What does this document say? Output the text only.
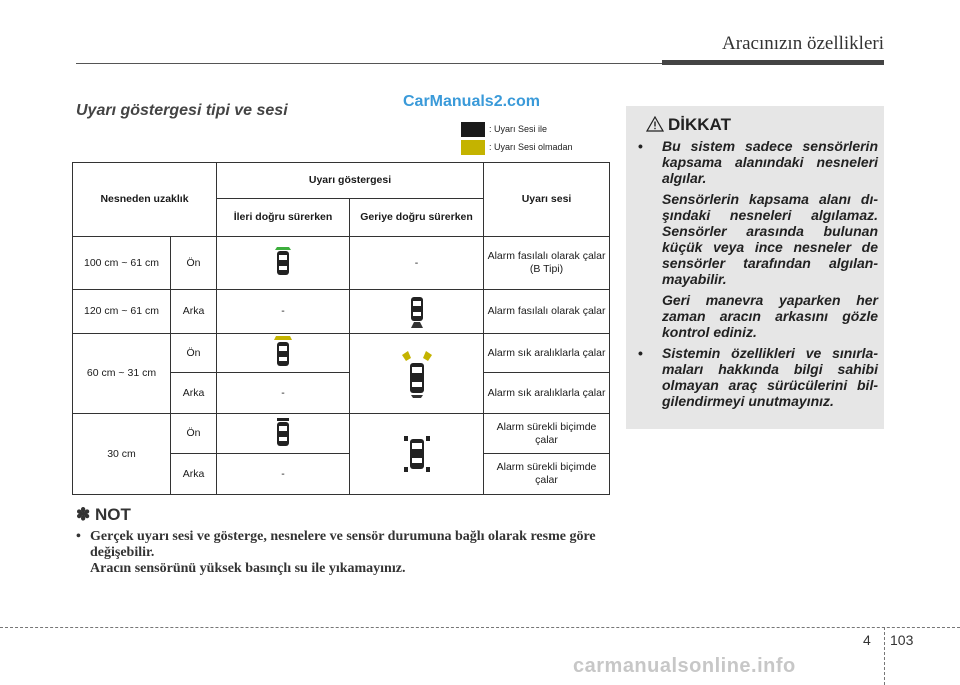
Aracınızın özellikleri
Uyarı göstergesi tipi ve sesi
CarManuals2.com
: Uyarı Sesi ile
: Uyarı Sesi olmadan
Nesneden uzaklık		Uyarı göstergesi		Uyarı sesi
		İleri doğru sürerken	Geriye doğru sürerken	
100 cm ~ 61 cm	Ön		-	Alarm fasılalı olarak çalar (B Tipi)
120 cm ~ 61 cm	Arka	-		Alarm fasılalı olarak çalar
60 cm ~ 31 cm	Ön			Alarm sık aralıklarla çalar
	Arka	-		Alarm sık aralıklarla çalar
30 cm	Ön			Alarm sürekli biçimde çalar
	Arka	-		Alarm sürekli biçimde çalar
✽ NOT
• Gerçek uyarı sesi ve gösterge, nesnelere ve sensör durumuna bağlı olarak resme göre değişebilir.
Aracın sensörünü yüksek basınçlı su ile yıkamayınız.
DİKKAT
• Bu sistem sadece sensörlerin kapsama alanındaki nesneleri algılar.

Sensörlerin kapsama alanı dı-şındaki nesneleri algılamaz. Sensörler arasında bulunan küçük veya ince nesneler de sensörler tarafından algılan-mayabilir.

Geri manevra yaparken her zaman aracın arkasını gözle kontrol ediniz.

• Sistemin özellikleri ve sınırla-maları hakkında bilgi sahibi olmayan araç sürücülerini bil-gilendirmeyi unutmayınız.

4 103
carmanualsonline.info
